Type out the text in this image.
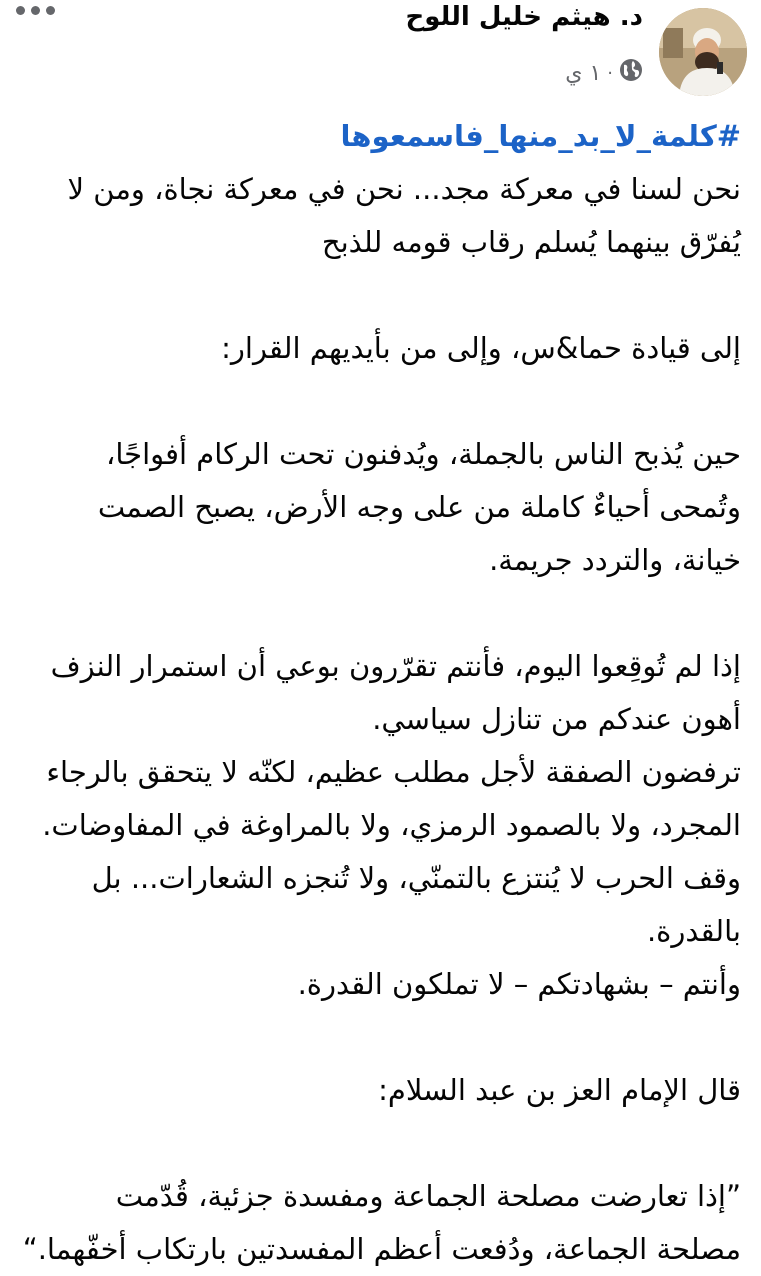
د. هيثم خليل اللوح
١ ي ·
#كلمة_لا_بد_منها_فاسمعوها

نحن لسنا في معركة مجد... نحن في معركة نجاة، ومن لا

يُفرّق بينهما يُسلم رقاب قومه للذبح

إلى قيادة حما&س، وإلى من بأيديهم القرار:

حين يُذبح الناس بالجملة، ويُدفنون تحت الركام أفواجًا،

وتُمحى أحياءٌ كاملة من على وجه الأرض، يصبح الصمت

خيانة، والتردد جريمة.

إذا لم تُوقِعوا اليوم، فأنتم تقرّرون بوعي أن استمرار النزف

أهون عندكم من تنازل سياسي.

ترفضون الصفقة لأجل مطلب عظيم، لكنّه لا يتحقق بالرجاء

المجرد، ولا بالصمود الرمزي، ولا بالمراوغة في المفاوضات.

وقف الحرب لا يُنتزع بالتمنّي، ولا تُنجزه الشعارات... بل

بالقدرة.

وأنتم – بشهادتكم – لا تملكون القدرة.

قال الإمام العز بن عبد السلام:

”إذا تعارضت مصلحة الجماعة ومفسدة جزئية، قُدّمت

مصلحة الجماعة، ودُفعت أعظم المفسدتين بارتكاب أخفّهما.“
